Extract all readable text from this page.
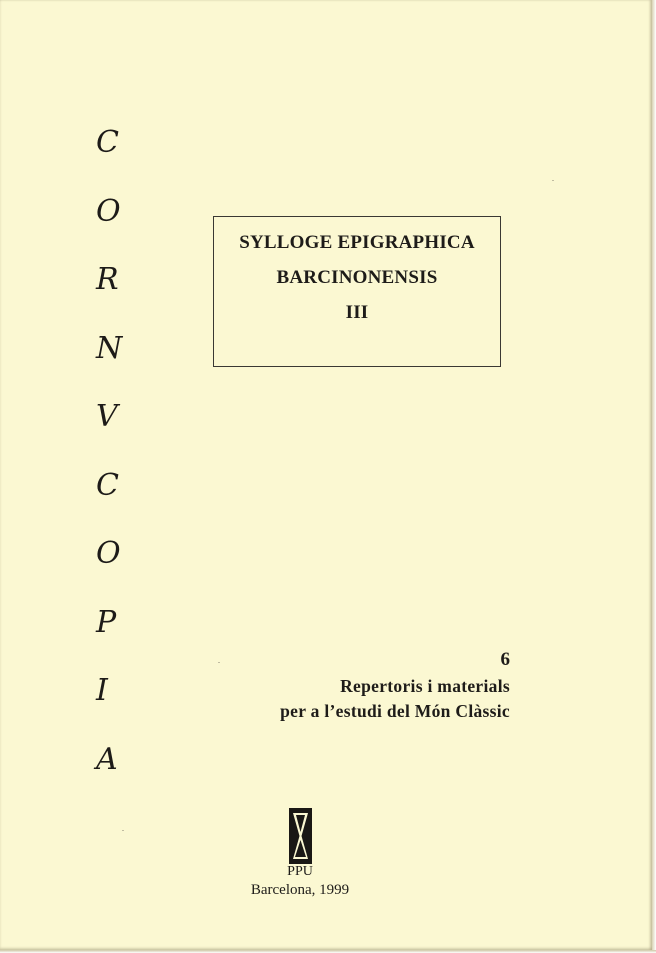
C
O
R
N
V
C
O
P
I
A
SYLLOGE EPIGRAPHICA
BARCINONENSIS
III
6
Repertoris i materials
per a l’estudi del Món Clàssic
PPU
Barcelona, 1999
